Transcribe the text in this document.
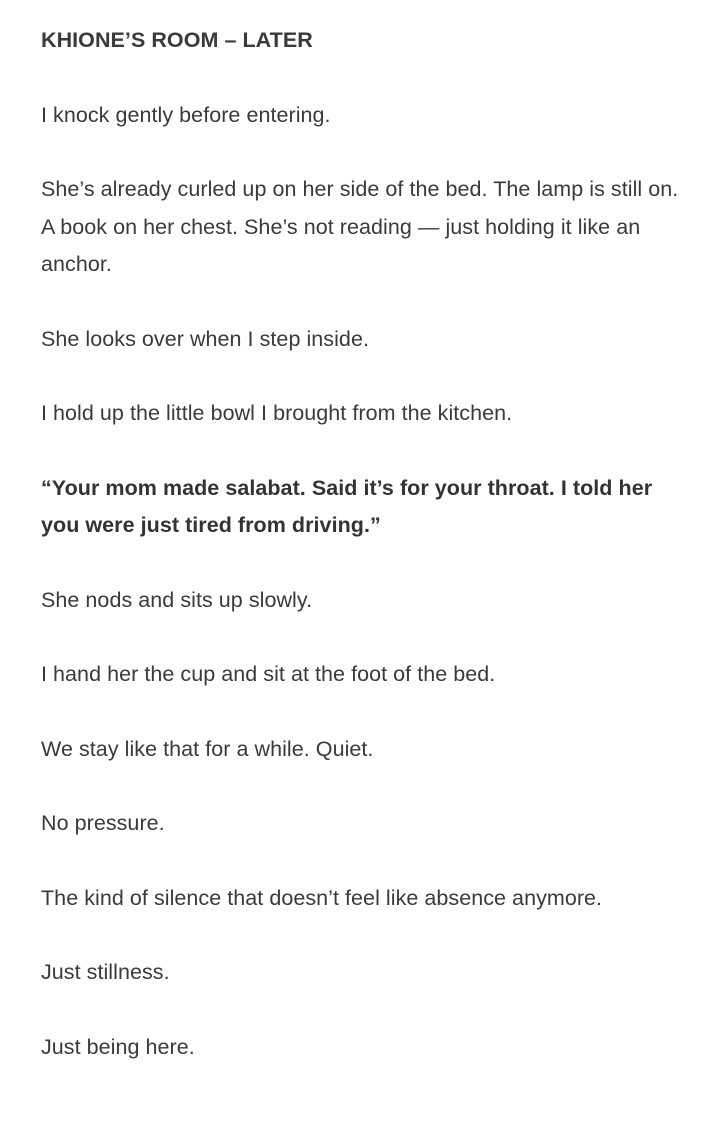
KHIONE’S ROOM – LATER

I knock gently before entering.

She’s already curled up on her side of the bed. The lamp is still on. A book on her chest. She’s not reading — just holding it like an anchor.

She looks over when I step inside.

I hold up the little bowl I brought from the kitchen.

“Your mom made salabat. Said it’s for your throat. I told her you were just tired from driving.”

She nods and sits up slowly.

I hand her the cup and sit at the foot of the bed.

We stay like that for a while. Quiet.

No pressure.

The kind of silence that doesn’t feel like absence anymore.

Just stillness.

Just being here.
